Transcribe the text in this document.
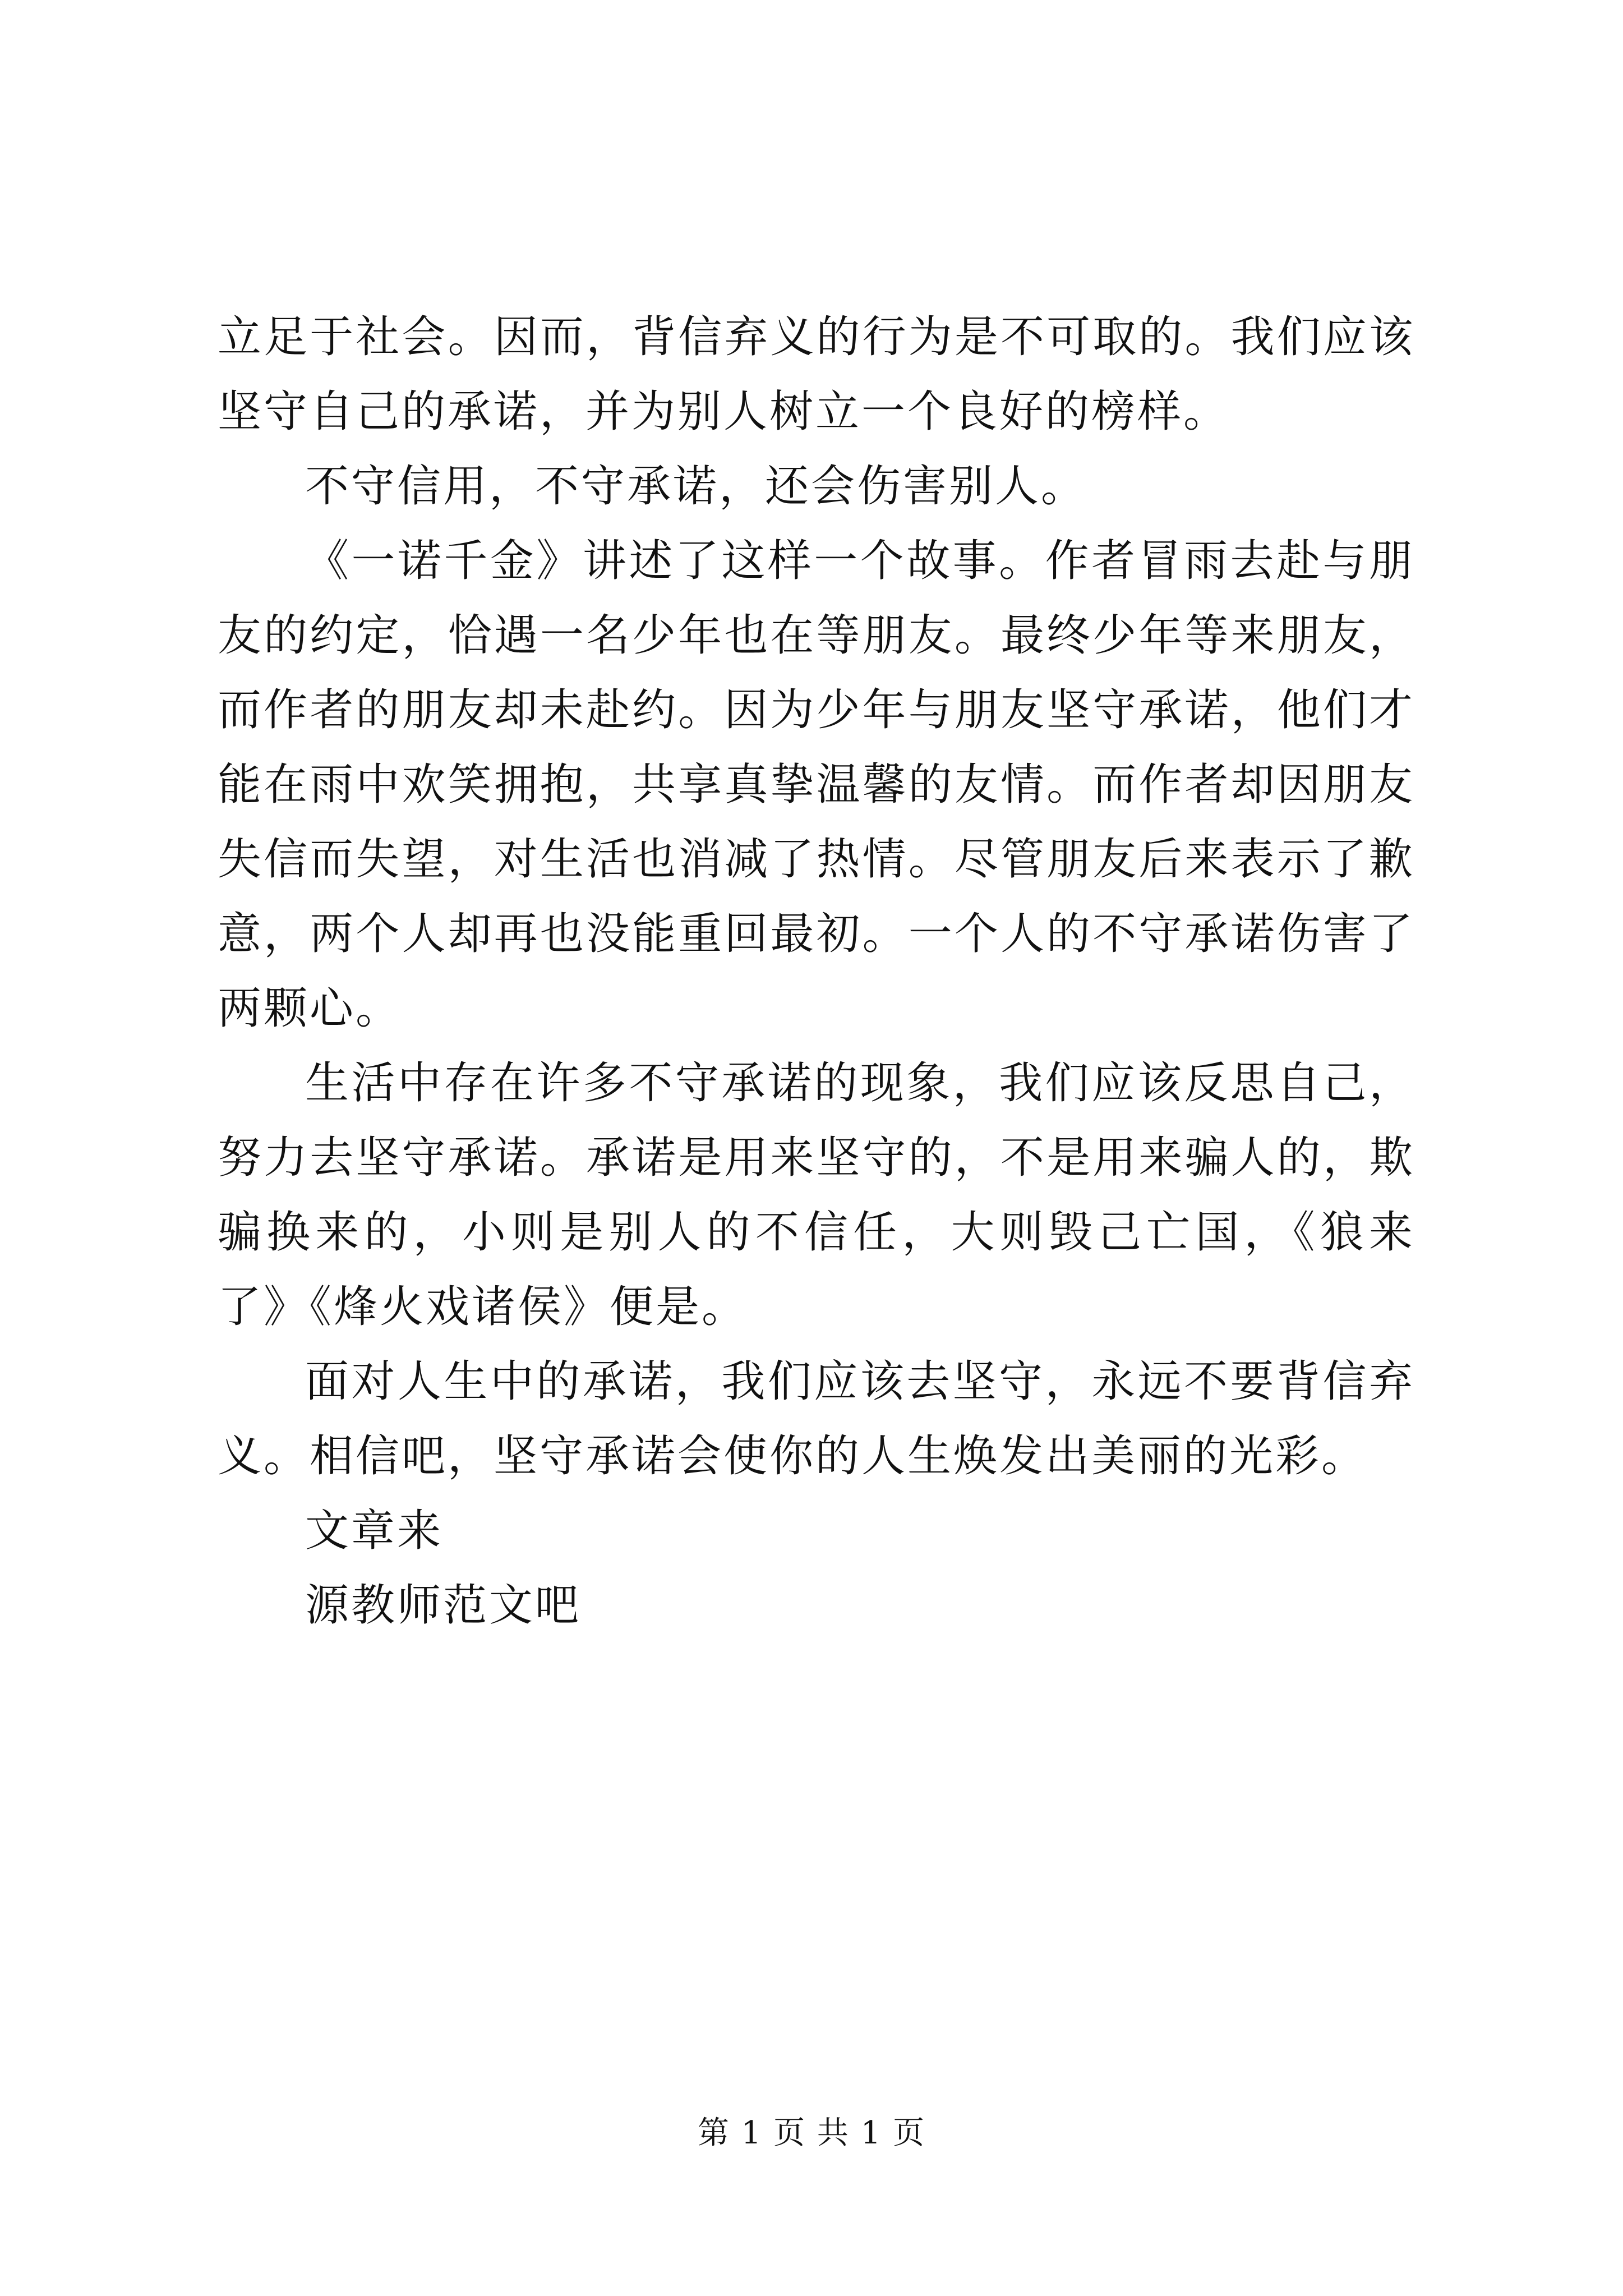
立足于社会。因而，背信弃义的行为是不可取的。我们应该坚守自己的承诺，并为别人树立一个良好的榜样。

不守信用，不守承诺，还会伤害别人。

《一诺千金》讲述了这样一个故事。作者冒雨去赴与朋友的约定，恰遇一名少年也在等朋友。最终少年等来朋友，而作者的朋友却未赴约。因为少年与朋友坚守承诺，他们才能在雨中欢笑拥抱，共享真挚温馨的友情。而作者却因朋友失信而失望，对生活也消减了热情。尽管朋友后来表示了歉意，两个人却再也没能重回最初。一个人的不守承诺伤害了两颗心。

生活中存在许多不守承诺的现象，我们应该反思自己，努力去坚守承诺。承诺是用来坚守的，不是用来骗人的，欺骗换来的，小则是别人的不信任，大则毁己亡国，《狼来了》《烽火戏诸侯》便是。

面对人生中的承诺，我们应该去坚守，永远不要背信弃义。相信吧，坚守承诺会使你的人生焕发出美丽的光彩。

文章来

源教师范文吧

第 1 页 共 1 页
